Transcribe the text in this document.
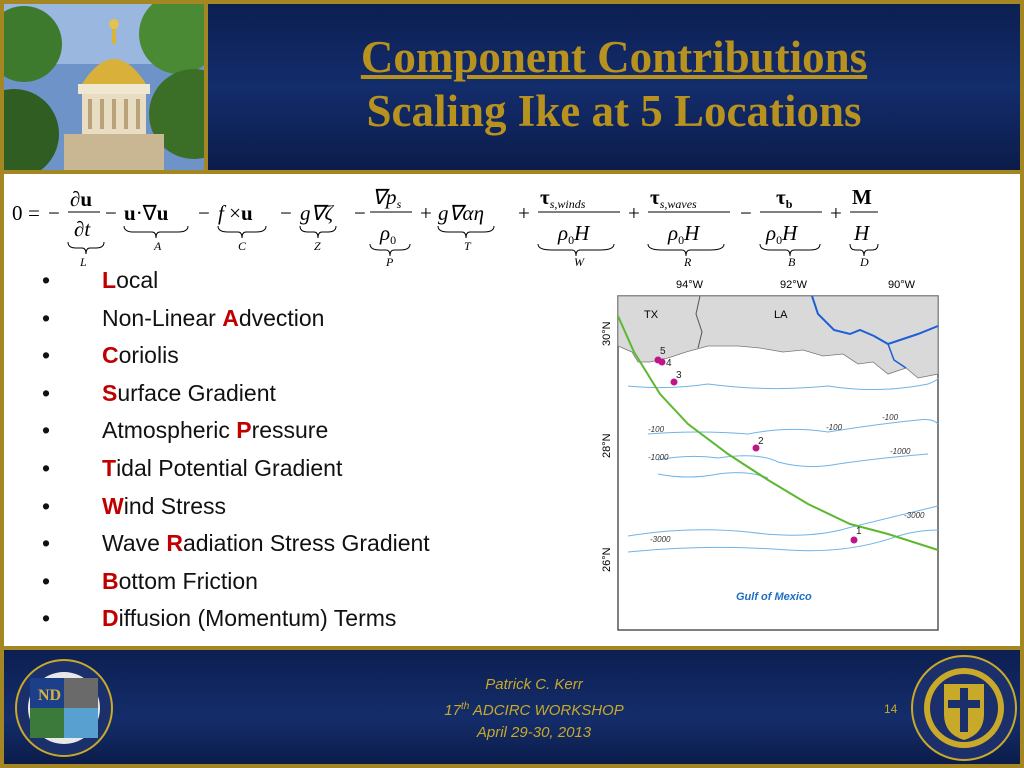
Component Contributions
Scaling Ike at 5 Locations
0 = −
∂u
∂t
L
− u·∇u
A
− f ×u
C
− g∇ζ
Z
−
∇ps
ρ0
P
+ g∇αη
T
+
τs,winds
ρ0H
W
+
τs,waves
ρ0H
R
−
τb
ρ0H
B
+
M
H
D
• Local
• Non-Linear Advection
• Coriolis
• Surface Gradient
• Atmospheric Pressure
• Tidal Potential Gradient
• Wind Stress
• Wave Radiation Stress Gradient
• Bottom Friction
• Diffusion (Momentum) Terms
94°W	92°W	90°W
30°N
28°N
26°N
TX	LA
-100	-100
-100
-1000
-1000
-3000
-3000
5
4
3
2
1
Gulf of Mexico
ND
Patrick C. Kerr
17th ADCIRC WORKSHOP
April 29-30, 2013
14
